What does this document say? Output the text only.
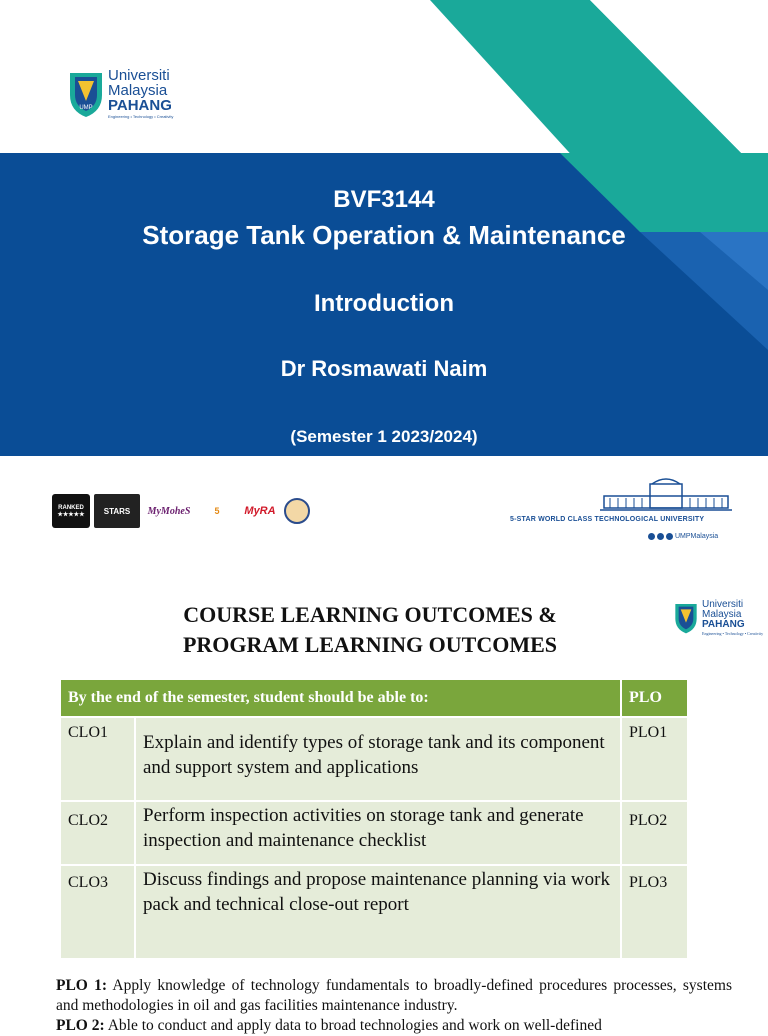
UMP
Universiti
Malaysia
PAHANG
Engineering • Technology • Creativity
BVF3144
Storage Tank Operation & Maintenance
Introduction
Dr Rosmawati Naim
(Semester 1 2023/2024)
RANKED
★★★★★ STARS	MyMoheS	5	MyRA
5-STAR WORLD CLASS TECHNOLOGICAL UNIVERSITY
UMPMalaysia
COURSE LEARNING OUTCOMES &
PROGRAM LEARNING OUTCOMES
Universiti
Malaysia
PAHANG
Engineering • Technology • Creativity
By the end of the semester, student should be able to:		PLO
CLO1	Explain and identify types of storage tank and its component and support system and applications	PLO1
CLO2	Perform inspection activities on storage tank and generate inspection and maintenance checklist	PLO2
CLO3	Discuss findings and propose maintenance planning via work pack and technical close-out report	PLO3
PLO 1: Apply knowledge of technology fundamentals to broadly-defined procedures processes, systems and methodologies in oil and gas facilities maintenance industry.
PLO 2: Able to conduct and apply data to broad technologies and work on well-defined
